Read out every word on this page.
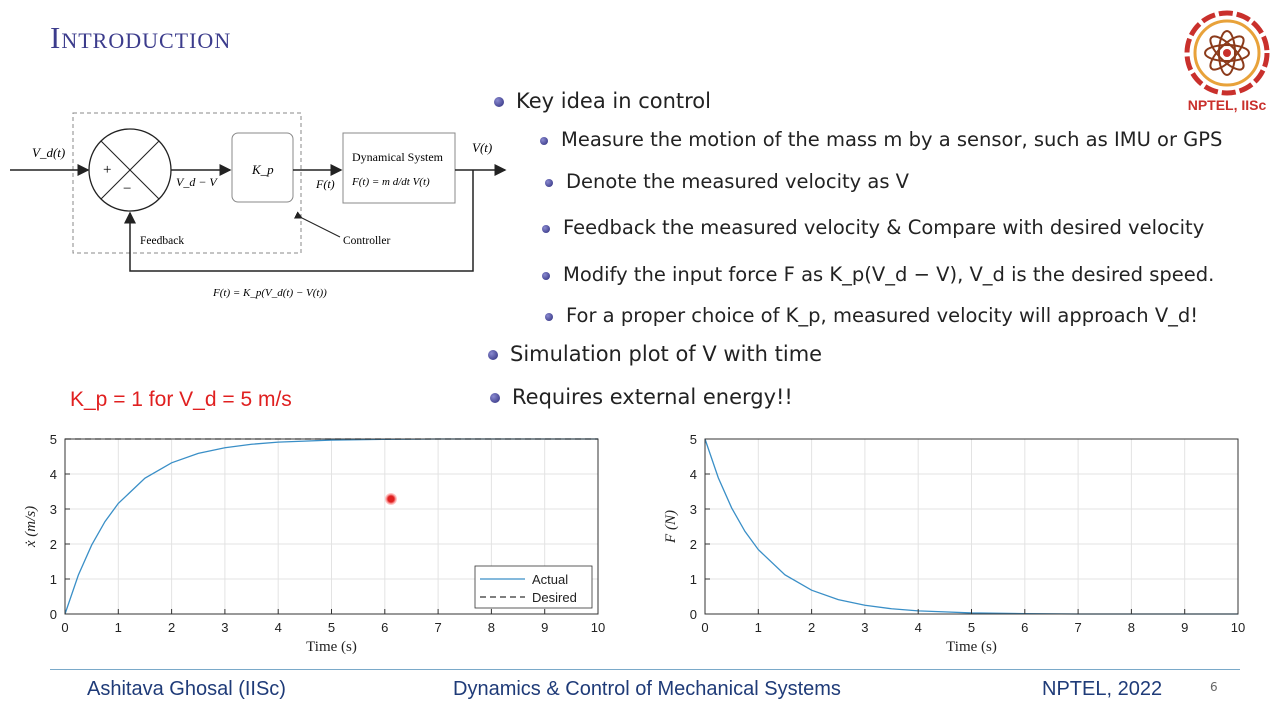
Introduction
NPTEL, IISc
V_d(t)
+
−	V_d − V
K_p
F(t)
Dynamical System
F(t) = m d/dt V(t)
V(t)
Feedback	Controller
F(t) = K_p(V_d(t) − V(t))
Key idea in control
Measure the motion of the mass m by a sensor, such as IMU or GPS
Denote the measured velocity as V
Feedback the measured velocity & Compare with desired velocity
Modify the input force F as K_p(V_d − V), V_d is the desired speed.
For a proper choice of K_p, measured velocity will approach V_d!
Simulation plot of V with time
Requires external energy!!
K_p = 1 for V_d = 5 m/s
0	1	2	3	4	5	6	7	8	9	10
0
1
2
3
4
5
Time (s)
ẋ (m/s)
Actual
Desired
0	1	2	3	4	5	6	7	8	9	10
0
1
2
3
4
5
Time (s)
F (N)
Ashitava Ghosal (IISc)	Dynamics & Control of Mechanical Systems	NPTEL, 2022	6
